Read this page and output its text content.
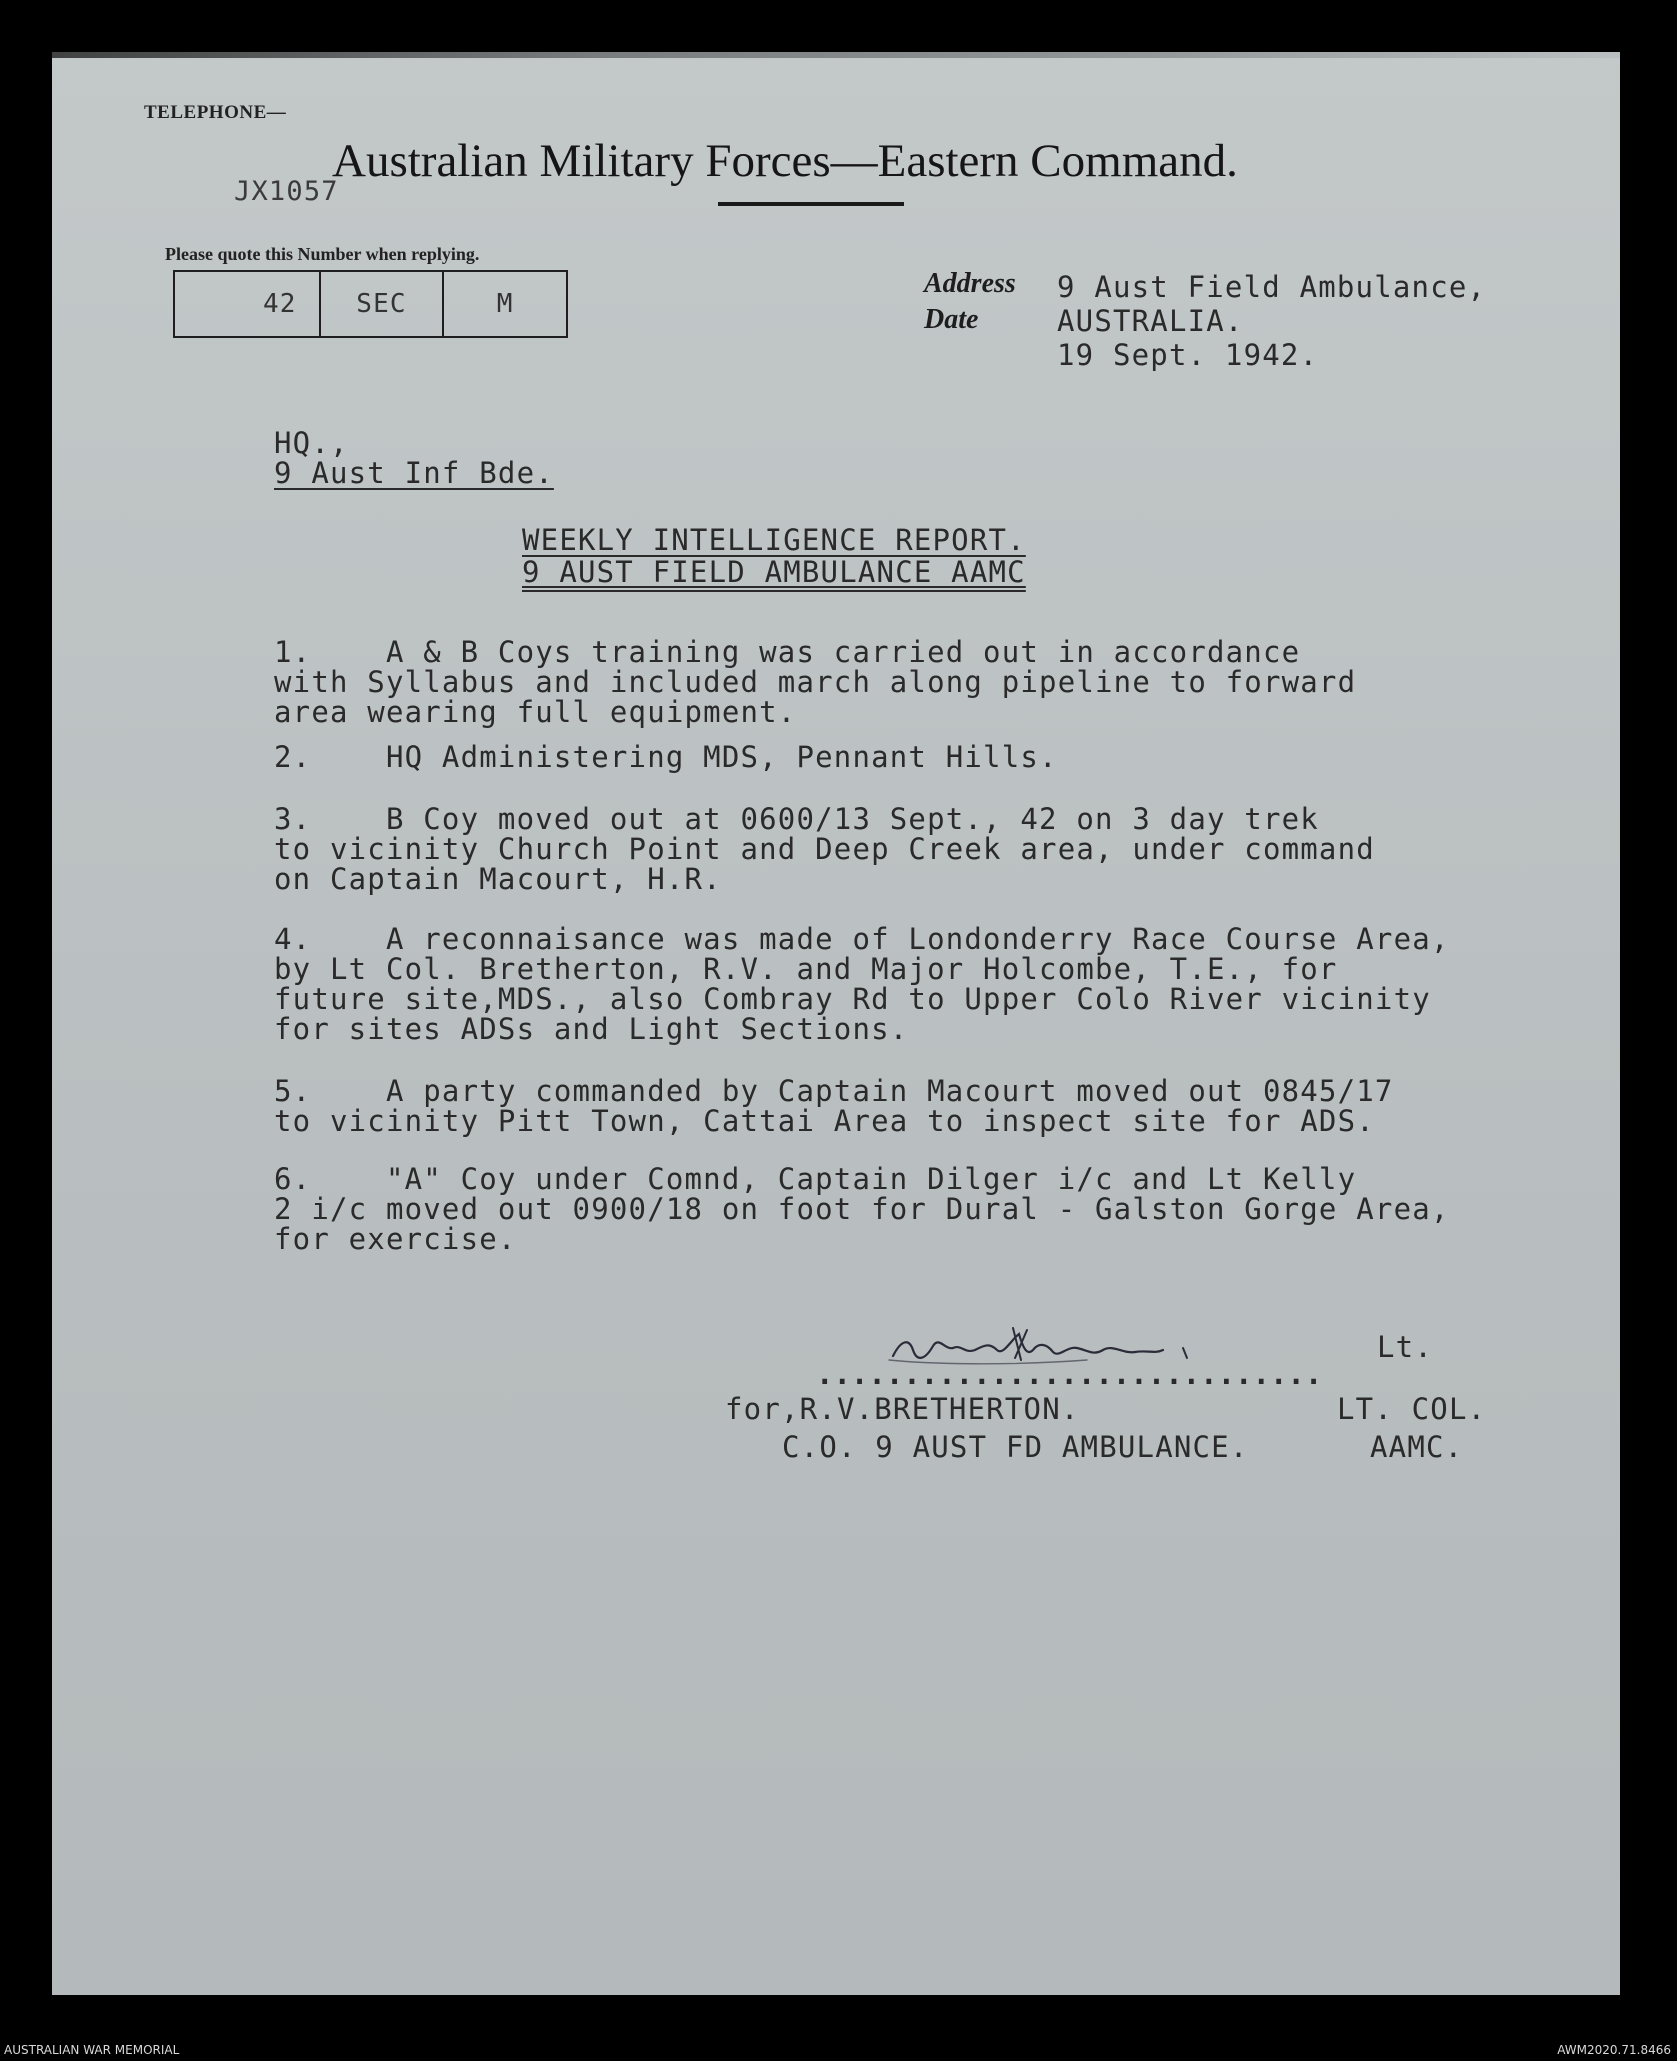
TELEPHONE—
Australian Military Forces—Eastern Command.
JX1057
Please quote this Number when replying.
42	SEC	M
Address
Date
9 Aust Field Ambulance,
AUSTRALIA.
19 Sept. 1942.
HQ.,
9 Aust Inf Bde.
WEEKLY INTELLIGENCE REPORT.
9 AUST FIELD AMBULANCE AAMC
1.    A & B Coys training was carried out in accordance
with Syllabus and included march along pipeline to forward
area wearing full equipment.
2.    HQ Administering MDS, Pennant Hills.
3.    B Coy moved out at 0600/13 Sept., 42 on 3 day trek
to vicinity Church Point and Deep Creek area, under command
on Captain Macourt, H.R.
4.    A reconnaisance was made of Londonderry Race Course Area,
by Lt Col. Bretherton, R.V. and Major Holcombe, T.E., for
future site,MDS., also Combray Rd to Upper Colo River vicinity
for sites ADSs and Light Sections.
5.    A party commanded by Captain Macourt moved out 0845/17
to vicinity Pitt Town, Cattai Area to inspect site for ADS.
6.    "A" Coy under Comnd, Captain Dilger i/c and Lt Kelly
2 i/c moved out 0900/18 on foot for Dural - Galston Gorge Area,
for exercise.
Lt.
.............................
for,R.V.BRETHERTON.
C.O. 9 AUST FD AMBULANCE.
LT. COL.
AAMC.
AUSTRALIAN WAR MEMORIAL	AWM2020.71.8466
